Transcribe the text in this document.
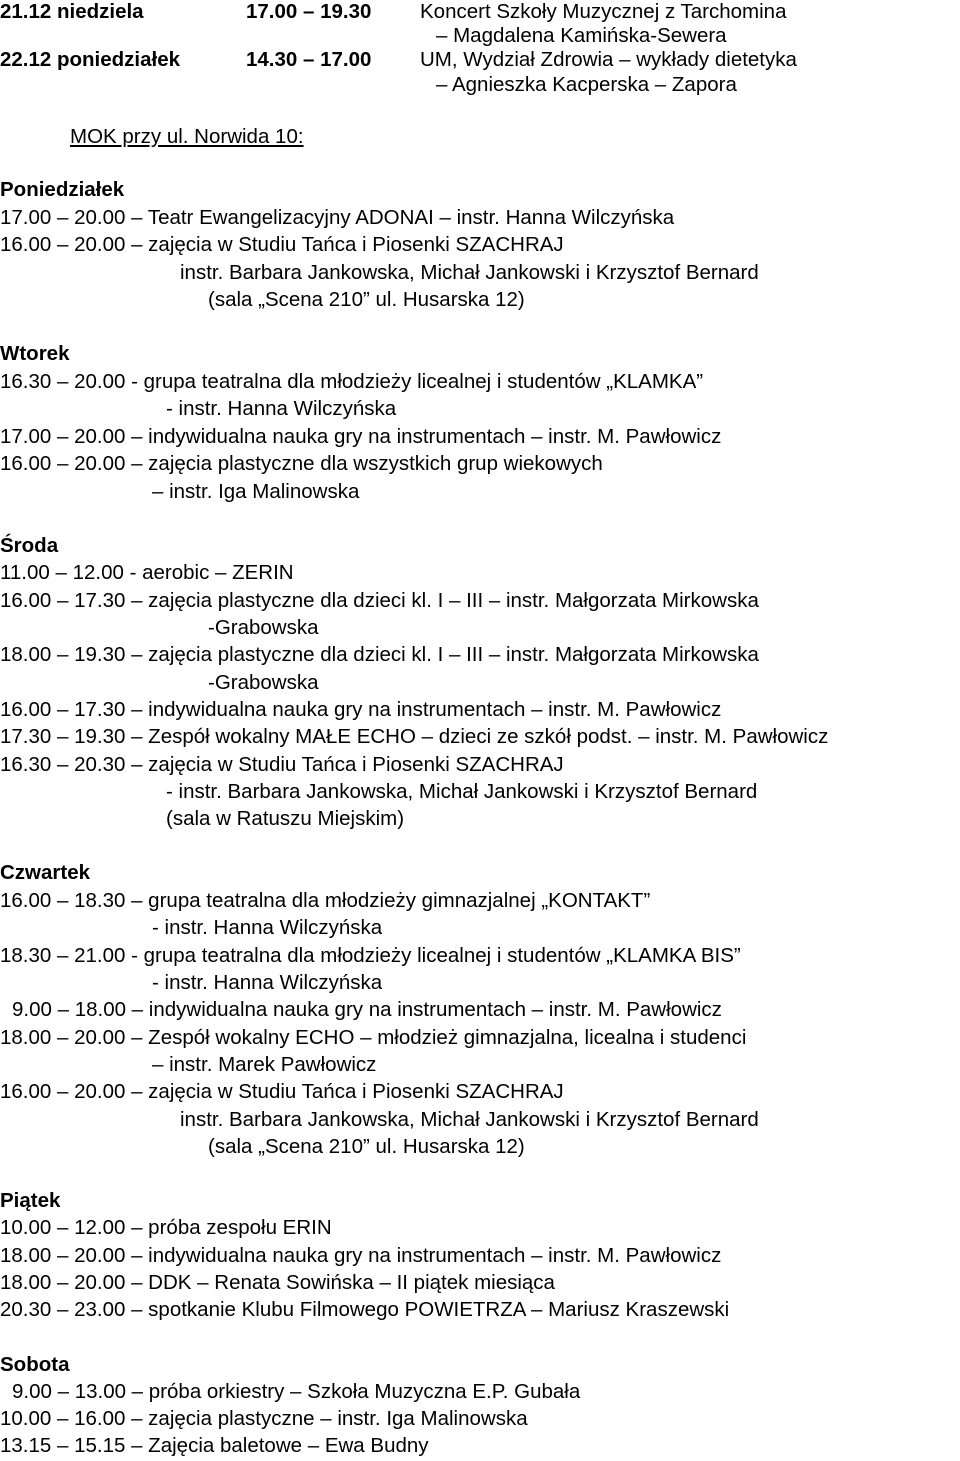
21.12 niedziela	17.00 – 19.30 Koncert Szkoły Muzycznej z Tarchomina
– Magdalena Kamińska-Sewera
22.12 poniedziałek	14.30 – 17.00 UM, Wydział Zdrowia – wykłady dietetyka
– Agnieszka Kacperska – Zapora
MOK przy ul. Norwida 10:
Poniedziałek
17.00 – 20.00 – Teatr Ewangelizacyjny ADONAI – instr. Hanna Wilczyńska
16.00 – 20.00 – zajęcia w Studiu Tańca i Piosenki SZACHRAJ
instr. Barbara Jankowska, Michał Jankowski i Krzysztof Bernard
(sala „Scena 210” ul. Husarska 12)
Wtorek
16.30 – 20.00 - grupa teatralna dla młodzieży licealnej i studentów „KLAMKA”
- instr. Hanna Wilczyńska
17.00 – 20.00 – indywidualna nauka gry na instrumentach – instr. M. Pawłowicz
16.00 – 20.00 – zajęcia plastyczne dla wszystkich grup wiekowych
– instr. Iga Malinowska
Środa
11.00 – 12.00 - aerobic – ZERIN
16.00 – 17.30 – zajęcia plastyczne dla dzieci kl. I – III – instr. Małgorzata Mirkowska
-Grabowska
18.00 – 19.30 – zajęcia plastyczne dla dzieci kl. I – III – instr. Małgorzata Mirkowska
-Grabowska
16.00 – 17.30 – indywidualna nauka gry na instrumentach – instr. M. Pawłowicz
17.30 – 19.30 – Zespół wokalny MAŁE ECHO – dzieci ze szkół podst. – instr. M. Pawłowicz
16.30 – 20.30 – zajęcia w Studiu Tańca i Piosenki SZACHRAJ
- instr. Barbara Jankowska, Michał Jankowski i Krzysztof Bernard
(sala w Ratuszu Miejskim)
Czwartek
16.00 – 18.30 – grupa teatralna dla młodzieży gimnazjalnej „KONTAKT”
- instr. Hanna Wilczyńska
18.30 – 21.00 - grupa teatralna dla młodzieży licealnej i studentów „KLAMKA BIS”
- instr. Hanna Wilczyńska
9.00 – 18.00 – indywidualna nauka gry na instrumentach – instr. M. Pawłowicz
18.00 – 20.00 – Zespół wokalny ECHO – młodzież gimnazjalna, licealna i studenci
– instr. Marek Pawłowicz
16.00 – 20.00 – zajęcia w Studiu Tańca i Piosenki SZACHRAJ
instr. Barbara Jankowska, Michał Jankowski i Krzysztof Bernard
(sala „Scena 210” ul. Husarska 12)
Piątek
10.00 – 12.00 – próba zespołu ERIN
18.00 – 20.00 – indywidualna nauka gry na instrumentach – instr. M. Pawłowicz
18.00 – 20.00 – DDK – Renata Sowińska – II piątek miesiąca
20.30 – 23.00 – spotkanie Klubu Filmowego POWIETRZA – Mariusz Kraszewski
Sobota
9.00 – 13.00 – próba orkiestry – Szkoła Muzyczna E.P. Gubała
10.00 – 16.00 – zajęcia plastyczne – instr. Iga Malinowska
13.15 – 15.15 – Zajęcia baletowe – Ewa Budny
